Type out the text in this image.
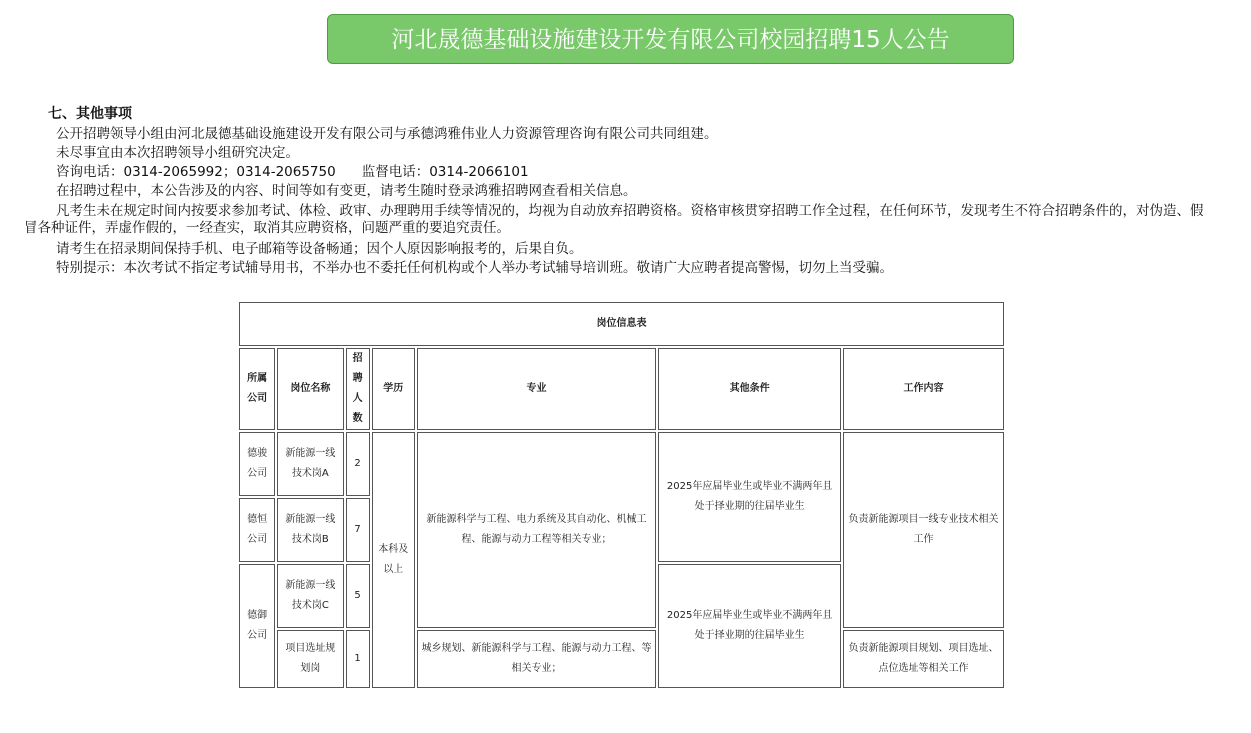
河北晟德基础设施建设开发有限公司校园招聘15人公告
七、其他事项
公开招聘领导小组由河北晟德基础设施建设开发有限公司与承德鸿雅伟业人力资源管理咨询有限公司共同组建。
未尽事宜由本次招聘领导小组研究决定。
咨询电话：0314-2065992；0314-2065750 监督电话：0314-2066101
在招聘过程中，本公告涉及的内容、时间等如有变更，请考生随时登录鸿雅招聘网查看相关信息。
凡考生未在规定时间内按要求参加考试、体检、政审、办理聘用手续等情况的，均视为自动放弃招聘资格。资格审核贯穿招聘工作全过程，在任何环节，发现考生不符合招聘条件的，对伪造、假冒各种证件，弄虚作假的，一经查实，取消其应聘资格，问题严重的要追究责任。
请考生在招录期间保持手机、电子邮箱等设备畅通；因个人原因影响报考的，后果自负。
特别提示：本次考试不指定考试辅导用书，不举办也不委托任何机构或个人举办考试辅导培训班。敬请广大应聘者提高警惕，切勿上当受骗。
岗位信息表						
所属公司	岗位名称	招聘人数	学历	专业	其他条件	工作内容
德骏公司	新能源一线技术岗A	2	本科及以上	新能源科学与工程、电力系统及其自动化、机械工程、能源与动力工程等相关专业；	2025年应届毕业生或毕业不满两年且处于择业期的往届毕业生	负责新能源项目一线专业技术相关工作
德恒公司	新能源一线技术岗B	7				
德御公司	新能源一线技术岗C	5			2025年应届毕业生或毕业不满两年且处于择业期的往届毕业生	
	项目选址规划岗	1		城乡规划、新能源科学与工程、能源与动力工程、等相关专业；		负责新能源项目规划、项目选址、点位选址等相关工作
